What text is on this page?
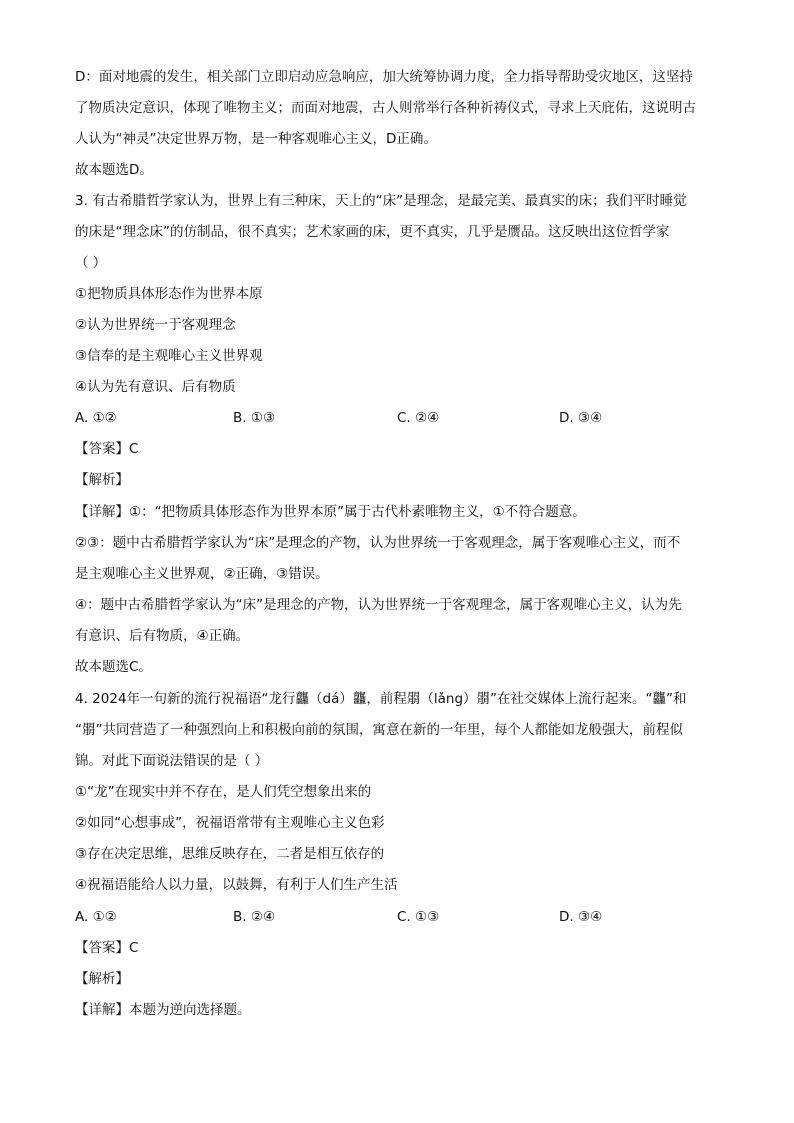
D：面对地震的发生，相关部门立即启动应急响应，加大统筹协调力度，全力指导帮助受灾地区，这坚持
了物质决定意识，体现了唯物主义；而面对地震，古人则常举行各种祈祷仪式，寻求上天庇佑，这说明古
人认为“神灵”决定世界万物，是一种客观唯心主义，D正确。
故本题选D。
3. 有古希腊哲学家认为，世界上有三种床，天上的“床”是理念，是最完美、最真实的床；我们平时睡觉
的床是“理念床”的仿制品，很不真实；艺术家画的床，更不真实，几乎是赝品。这反映出这位哲学家
（ ）
①把物质具体形态作为世界本原
②认为世界统一于客观理念
③信奉的是主观唯心主义世界观
④认为先有意识、后有物质
A. ①②	B. ①③	C. ②④	D. ③④
【答案】C
【解析】
【详解】①：“把物质具体形态作为世界本原”属于古代朴素唯物主义，①不符合题意。
②③：题中古希腊哲学家认为“床”是理念的产物，认为世界统一于客观理念，属于客观唯心主义，而不
是主观唯心主义世界观，②正确，③错误。
④：题中古希腊哲学家认为“床”是理念的产物，认为世界统一于客观理念，属于客观唯心主义，认为先
有意识、后有物质，④正确。
故本题选C。
4. 2024年一句新的流行祝福语“龙行龘（dá）龘，前程朤（lǎng）朤”在社交媒体上流行起来。“龘”和
“朤”共同营造了一种强烈向上和积极向前的氛围，寓意在新的一年里，每个人都能如龙般强大，前程似
锦。对此下面说法错误的是（ ）
①“龙”在现实中并不存在，是人们凭空想象出来的
②如同“心想事成”，祝福语常带有主观唯心主义色彩
③存在决定思维，思维反映存在，二者是相互依存的
④祝福语能给人以力量，以鼓舞，有利于人们生产生活
A. ①②	B. ②④	C. ①③	D. ③④
【答案】C
【解析】
【详解】本题为逆向选择题。
